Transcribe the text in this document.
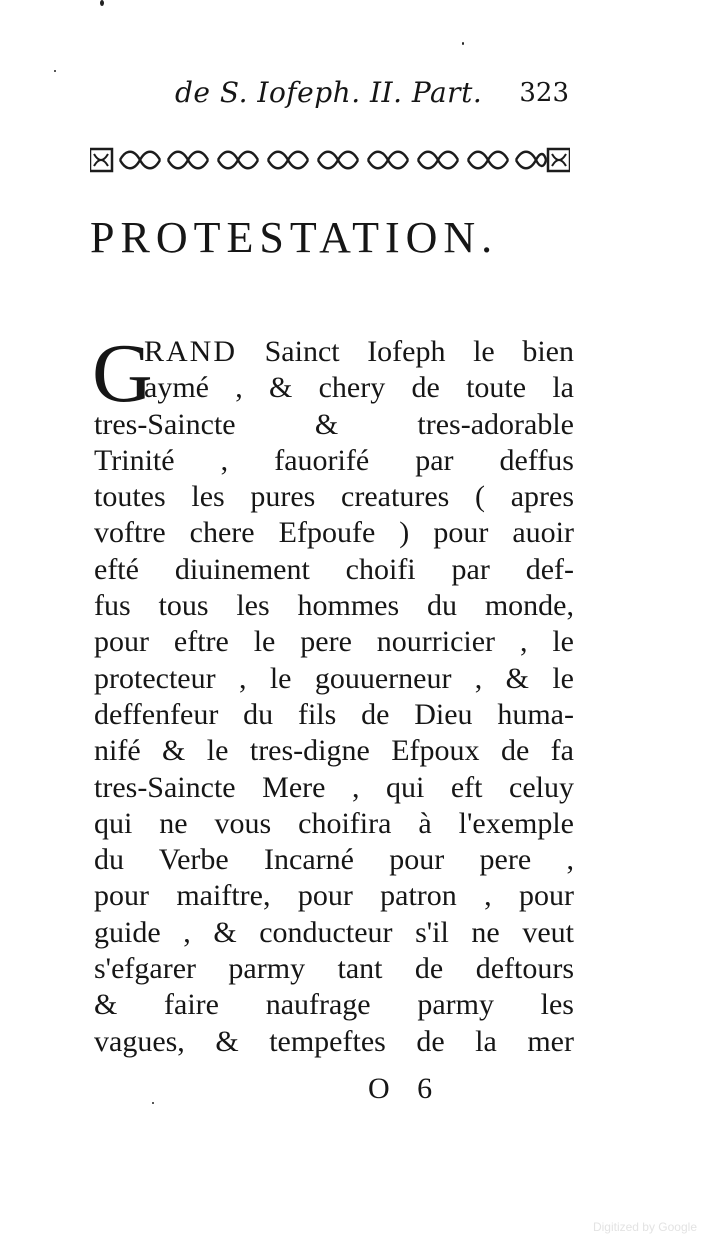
de S. Iofeph. II. Part. 323
PROTESTATION.
G
RAND Sainct Iofeph le bien
aymé , & chery de toute la
tres-Saincte & tres-adorable
Trinité , fauorifé par deffus
toutes les pures creatures ( apres
voftre chere Efpoufe ) pour auoir
efté diuinement choifi par def-
fus tous les hommes du monde,
pour eftre le pere nourricier , le
protecteur , le gouuerneur , & le
deffenfeur du fils de Dieu huma-
nifé & le tres-digne Efpoux de fa
tres-Saincte Mere , qui eft celuy
qui ne vous choifira à l'exemple
du Verbe Incarné pour pere ,
pour maiftre, pour patron , pour
guide , & conducteur s'il ne veut
s'efgarer parmy tant de deftours
& faire naufrage parmy les
vagues, & tempeftes de la mer
O 6
Digitized by Google
